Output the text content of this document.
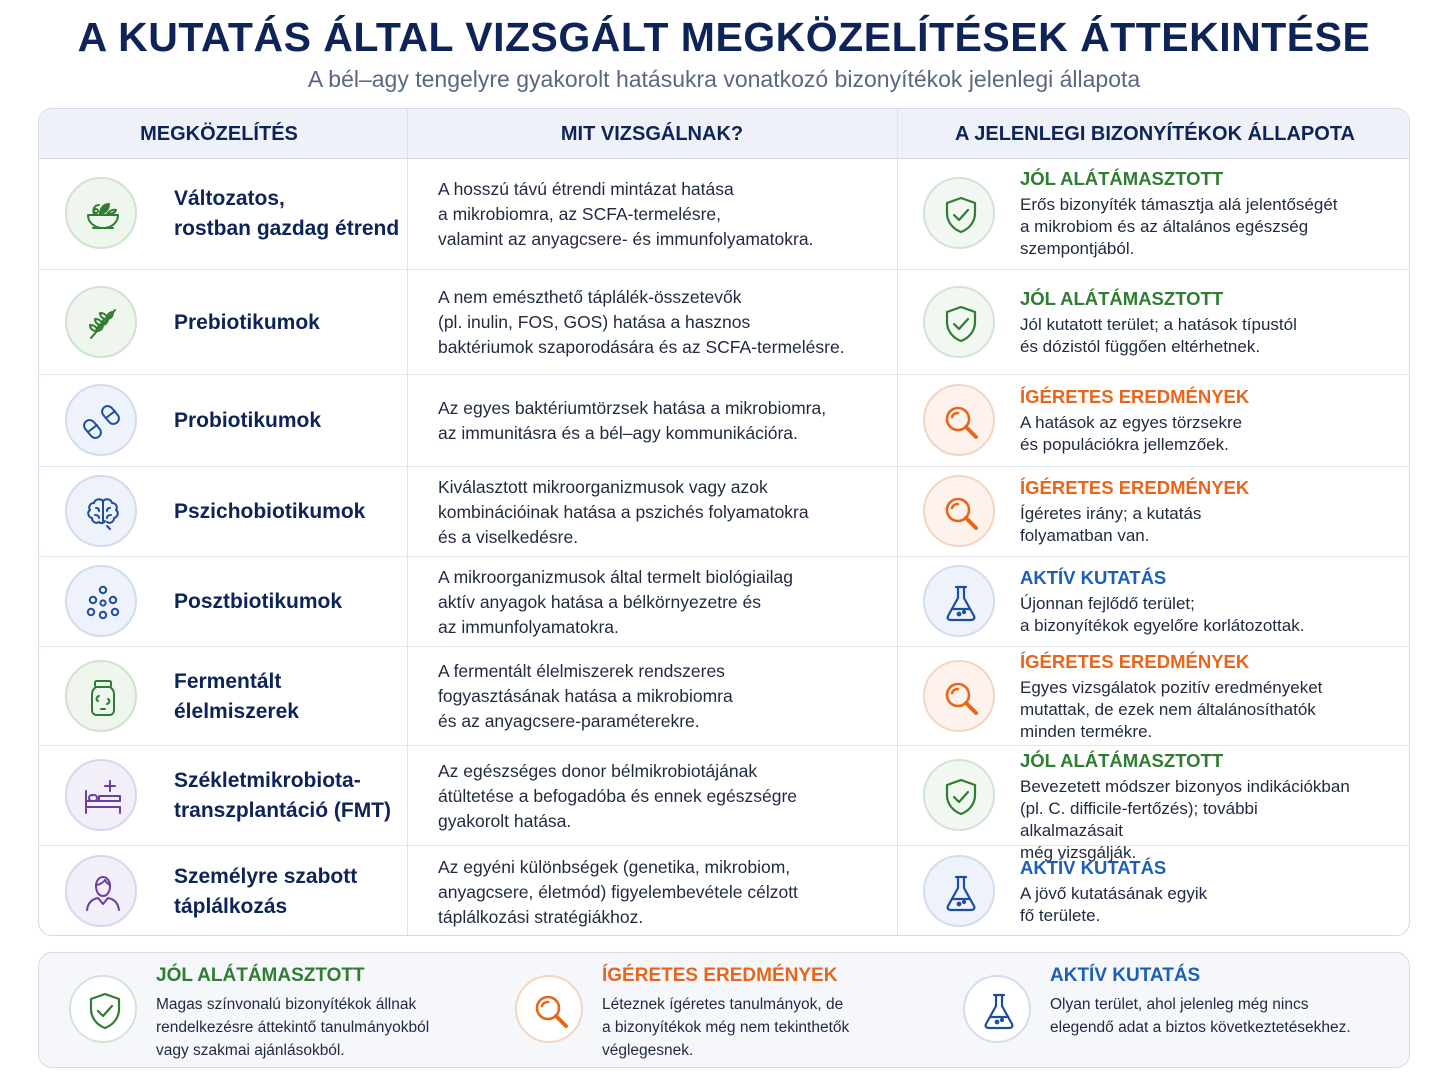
A KUTATÁS ÁLTAL VIZSGÁLT MEGKÖZELÍTÉSEK ÁTTEKINTÉSE
A bél–agy tengelyre gyakorolt hatásukra vonatkozó bizonyítékok jelenlegi állapota
MEGKÖZELÍTÉS	MIT VIZSGÁLNAK?	A JELENLEGI BIZONYÍTÉKOK ÁLLAPOTA
Változatos,
rostban gazdag étrend
A hosszú távú étrendi mintázat hatása
a mikrobiomra, az SCFA-termelésre,
valamint az anyagcsere- és immunfolyamatokra.
JÓL ALÁTÁMASZTOTT
Erős bizonyíték támasztja alá jelentőségét
a mikrobiom és az általános egészség
szempontjából.
Prebiotikumok
A nem emészthető táplálék-összetevők
(pl. inulin, FOS, GOS) hatása a hasznos
baktériumok szaporodására és az SCFA-termelésre.
JÓL ALÁTÁMASZTOTT
Jól kutatott terület; a hatások típustól
és dózistól függően eltérhetnek.
Probiotikumok
Az egyes baktériumtörzsek hatása a mikrobiomra,
az immunitásra és a bél–agy kommunikációra.
ÍGÉRETES EREDMÉNYEK
A hatások az egyes törzsekre
és populációkra jellemzőek.
Pszichobiotikumok
Kiválasztott mikroorganizmusok vagy azok
kombinációinak hatása a pszichés folyamatokra
és a viselkedésre.
ÍGÉRETES EREDMÉNYEK
Ígéretes irány; a kutatás
folyamatban van.
Posztbiotikumok
A mikroorganizmusok által termelt biológiailag
aktív anyagok hatása a bélkörnyezetre és
az immunfolyamatokra.
AKTÍV KUTATÁS
Újonnan fejlődő terület;
a bizonyítékok egyelőre korlátozottak.
Fermentált
élelmiszerek
A fermentált élelmiszerek rendszeres
fogyasztásának hatása a mikrobiomra
és az anyagcsere-paraméterekre.
ÍGÉRETES EREDMÉNYEK
Egyes vizsgálatok pozitív eredményeket
mutattak, de ezek nem általánosíthatók
minden termékre.
Székletmikrobiota-
transzplantáció (FMT)
Az egészséges donor bélmikrobiotájának
átültetése a befogadóba és ennek egészségre
gyakorolt hatása.
JÓL ALÁTÁMASZTOTT
Bevezetett módszer bizonyos indikációkban
(pl. C. difficile-fertőzés); további alkalmazásait
még vizsgálják.
Személyre szabott
táplálkozás
Az egyéni különbségek (genetika, mikrobiom,
anyagcsere, életmód) figyelembevétele célzott
táplálkozási stratégiákhoz.
AKTÍV KUTATÁS
A jövő kutatásának egyik
fő területe.
JÓL ALÁTÁMASZTOTT
Magas színvonalú bizonyítékok állnak
rendelkezésre áttekintő tanulmányokból
vagy szakmai ajánlásokból.
ÍGÉRETES EREDMÉNYEK
Léteznek ígéretes tanulmányok, de
a bizonyítékok még nem tekinthetők
véglegesnek.
AKTÍV KUTATÁS
Olyan terület, ahol jelenleg még nincs
elegendő adat a biztos következtetésekhez.
